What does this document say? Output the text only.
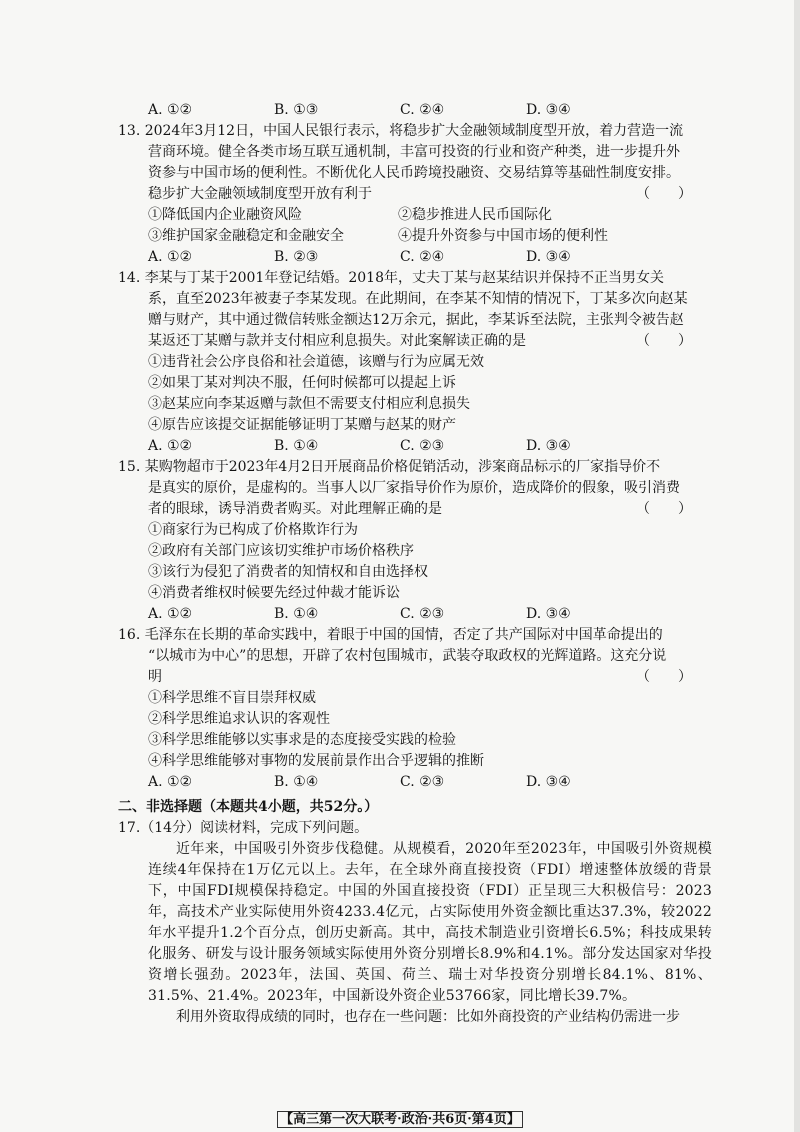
A. ①②	B. ①③	C. ②④	D. ③④
13. 2024年3月12日，中国人民银行表示，将稳步扩大金融领域制度型开放，着力营造一流
营商环境。健全各类市场互联互通机制，丰富可投资的行业和资产种类，进一步提升外
资参与中国市场的便利性。不断优化人民币跨境投融资、交易结算等基础性制度安排。
稳步扩大金融领域制度型开放有利于	（　　）
①降低国内企业融资风险	②稳步推进人民币国际化
③维护国家金融稳定和金融安全	④提升外资参与中国市场的便利性
A. ①②	B. ②③	C. ②④	D. ③④
14. 李某与丁某于2001年登记结婚。2018年，丈夫丁某与赵某结识并保持不正当男女关
系，直至2023年被妻子李某发现。在此期间，在李某不知情的情况下，丁某多次向赵某
赠与财产，其中通过微信转账金额达12万余元，据此，李某诉至法院，主张判令被告赵
某返还丁某赠与款并支付相应利息损失。对此案解读正确的是	（　　）
①违背社会公序良俗和社会道德，该赠与行为应属无效
②如果丁某对判决不服，任何时候都可以提起上诉
③赵某应向李某返赠与款但不需要支付相应利息损失
④原告应该提交证据能够证明丁某赠与赵某的财产
A. ①②	B. ①④	C. ②③	D. ③④
15. 某购物超市于2023年4月2日开展商品价格促销活动，涉案商品标示的厂家指导价不
是真实的原价，是虚构的。当事人以厂家指导价作为原价，造成降价的假象，吸引消费
者的眼球，诱导消费者购买。对此理解正确的是	（　　）
①商家行为已构成了价格欺诈行为
②政府有关部门应该切实维护市场价格秩序
③该行为侵犯了消费者的知情权和自由选择权
④消费者维权时候要先经过仲裁才能诉讼
A. ①②	B. ①④	C. ②③	D. ③④
16. 毛泽东在长期的革命实践中，着眼于中国的国情，否定了共产国际对中国革命提出的
“以城市为中心”的思想，开辟了农村包围城市，武装夺取政权的光辉道路。这充分说
明	（　　）
①科学思维不盲目崇拜权威
②科学思维追求认识的客观性
③科学思维能够以实事求是的态度接受实践的检验
④科学思维能够对事物的发展前景作出合乎逻辑的推断
A. ①②	B. ①④	C. ②③	D. ③④
二、非选择题（本题共4小题，共52分。）
17.（14分）阅读材料，完成下列问题。
近年来，中国吸引外资步伐稳健。从规模看，2020年至2023年，中国吸引外资规模连续4年保持在1万亿元以上。去年，在全球外商直接投资（FDI）增速整体放缓的背景下，中国FDI规模保持稳定。中国的外国直接投资（FDI）正呈现三大积极信号：2023年，高技术产业实际使用外资4233.4亿元，占实际使用外资金额比重达37.3%，较2022年水平提升1.2个百分点，创历史新高。其中，高技术制造业引资增长6.5%；科技成果转化服务、研发与设计服务领域实际使用外资分别增长8.9%和4.1%。部分发达国家对华投资增长强劲。2023年，法国、英国、荷兰、瑞士对华投资分别增长84.1%、81%、31.5%、21.4%。2023年，中国新设外资企业53766家，同比增长39.7%。
利用外资取得成绩的同时，也存在一些问题：比如外商投资的产业结构仍需进一步
【高三第一次大联考·政治·共6页·第4页】
